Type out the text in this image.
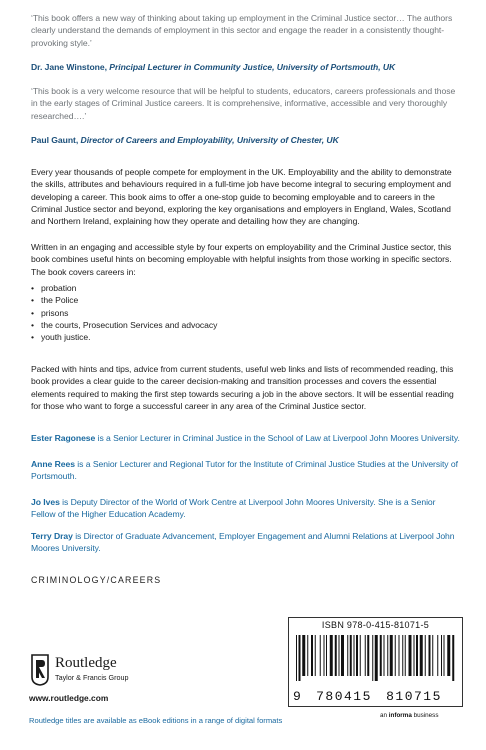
‘This book offers a new way of thinking about taking up employment in the Criminal Justice sector… The authors clearly understand the demands of employment in this sector and engage the reader in a consistently thought-provoking style.’
Dr. Jane Winstone, Principal Lecturer in Community Justice, University of Portsmouth, UK
‘This book is a very welcome resource that will be helpful to students, educators, careers professionals and those in the early stages of Criminal Justice careers. It is comprehensive, informative, accessible and very thoroughly researched….’
Paul Gaunt, Director of Careers and Employability, University of Chester, UK
Every year thousands of people compete for employment in the UK. Employability and the ability to demonstrate the skills, attributes and behaviours required in a full-time job have become integral to securing employment and developing a career. This book aims to offer a one-stop guide to becoming employable and to careers in the Criminal Justice sector and beyond, exploring the key organisations and employers in England, Wales, Scotland and Northern Ireland, explaining how they operate and detailing how they are changing.
Written in an engaging and accessible style by four experts on employability and the Criminal Justice sector, this book combines useful hints on becoming employable with helpful insights from those working in specific sectors. The book covers careers in:
• probation
• the Police
• prisons
• the courts, Prosecution Services and advocacy
• youth justice.
Packed with hints and tips, advice from current students, useful web links and lists of recommended reading, this book provides a clear guide to the career decision-making and transition processes and covers the essential elements required to making the first step towards securing a job in the above sectors. It will be essential reading for those who want to forge a successful career in any area of the Criminal Justice sector.
Ester Ragonese is a Senior Lecturer in Criminal Justice in the School of Law at Liverpool John Moores University.
Anne Rees is a Senior Lecturer and Regional Tutor for the Institute of Criminal Justice Studies at the University of Portsmouth.
Jo Ives is Deputy Director of the World of Work Centre at Liverpool John Moores University. She is a Senior Fellow of the Higher Education Academy.
Terry Dray is Director of Graduate Advancement, Employer Engagement and Alumni Relations at Liverpool John Moores University.
CRIMINOLOGY/CAREERS
Routledge
Taylor & Francis Group
www.routledge.com
ISBN 978-0-415-81071-5
9	780415	810715
an informa business
Routledge titles are available as eBook editions in a range of digital formats
